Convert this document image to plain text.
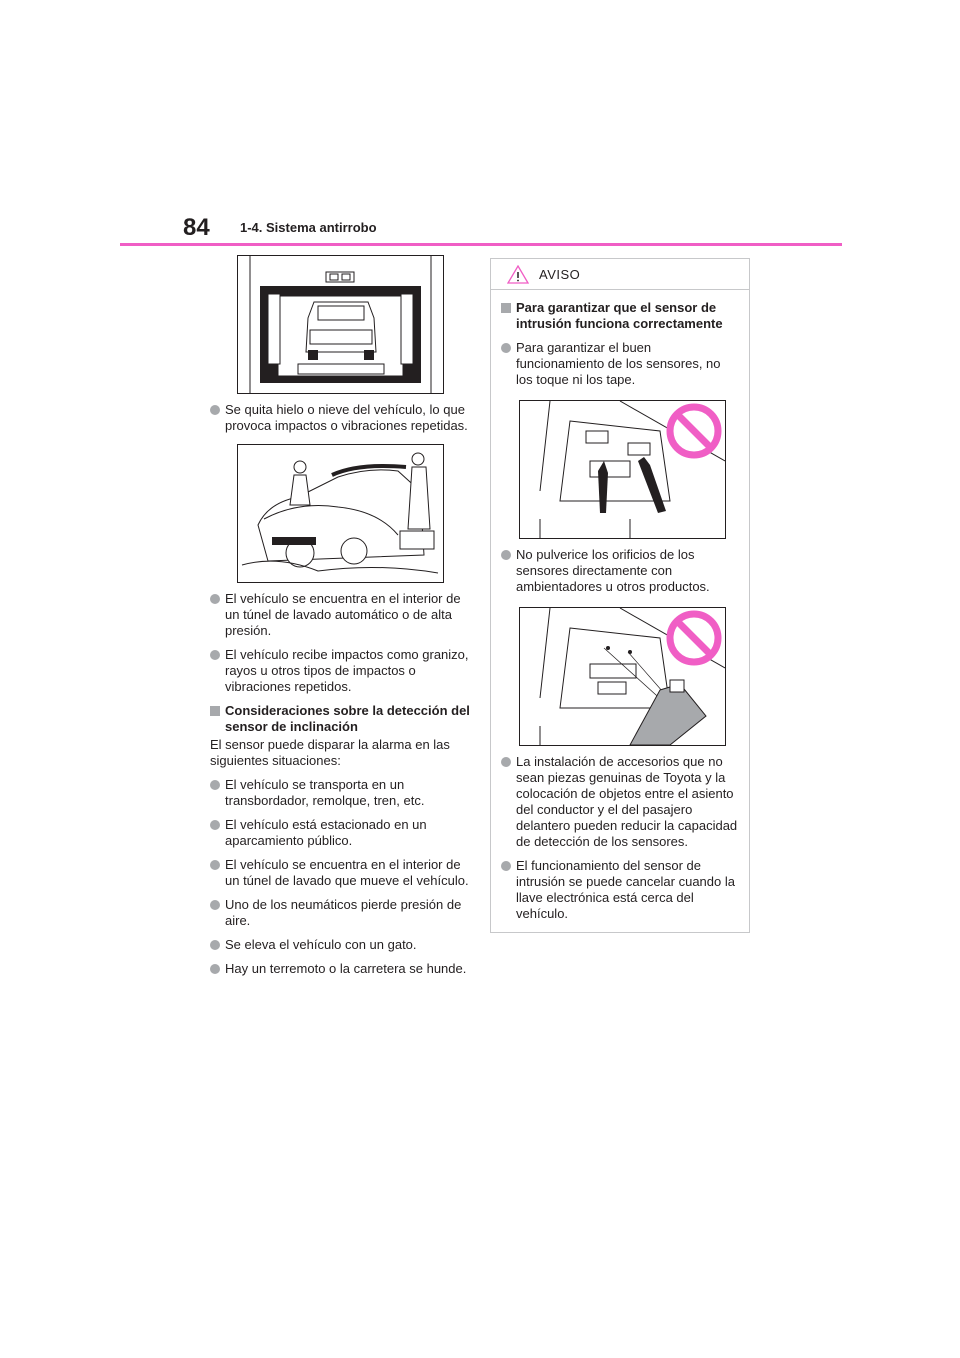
84 1-4. Sistema antirrobo
Se quita hielo o nieve del vehículo, lo que provoca impactos o vibraciones repetidas.
El vehículo se encuentra en el interior de un túnel de lavado automático o de alta presión.
El vehículo recibe impactos como granizo, rayos u otros tipos de impactos o vibraciones repetidos.
Consideraciones sobre la detección del sensor de inclinación
El sensor puede disparar la alarma en las siguientes situaciones:
El vehículo se transporta en un transbordador, remolque, tren, etc.
El vehículo está estacionado en un aparcamiento público.
El vehículo se encuentra en el interior de un túnel de lavado que mueve el vehículo.
Uno de los neumáticos pierde presión de aire.
Se eleva el vehículo con un gato.
Hay un terremoto o la carretera se hunde.
AVISO
Para garantizar que el sensor de intrusión funciona correctamente
Para garantizar el buen funcionamiento de los sensores, no los toque ni los tape.
No pulverice los orificios de los sensores directamente con ambientadores u otros productos.
La instalación de accesorios que no sean piezas genuinas de Toyota y la colocación de objetos entre el asiento del conductor y el del pasajero delantero pueden reducir la capacidad de detección de los sensores.
El funcionamiento del sensor de intrusión se puede cancelar cuando la llave electrónica está cerca del vehículo.
